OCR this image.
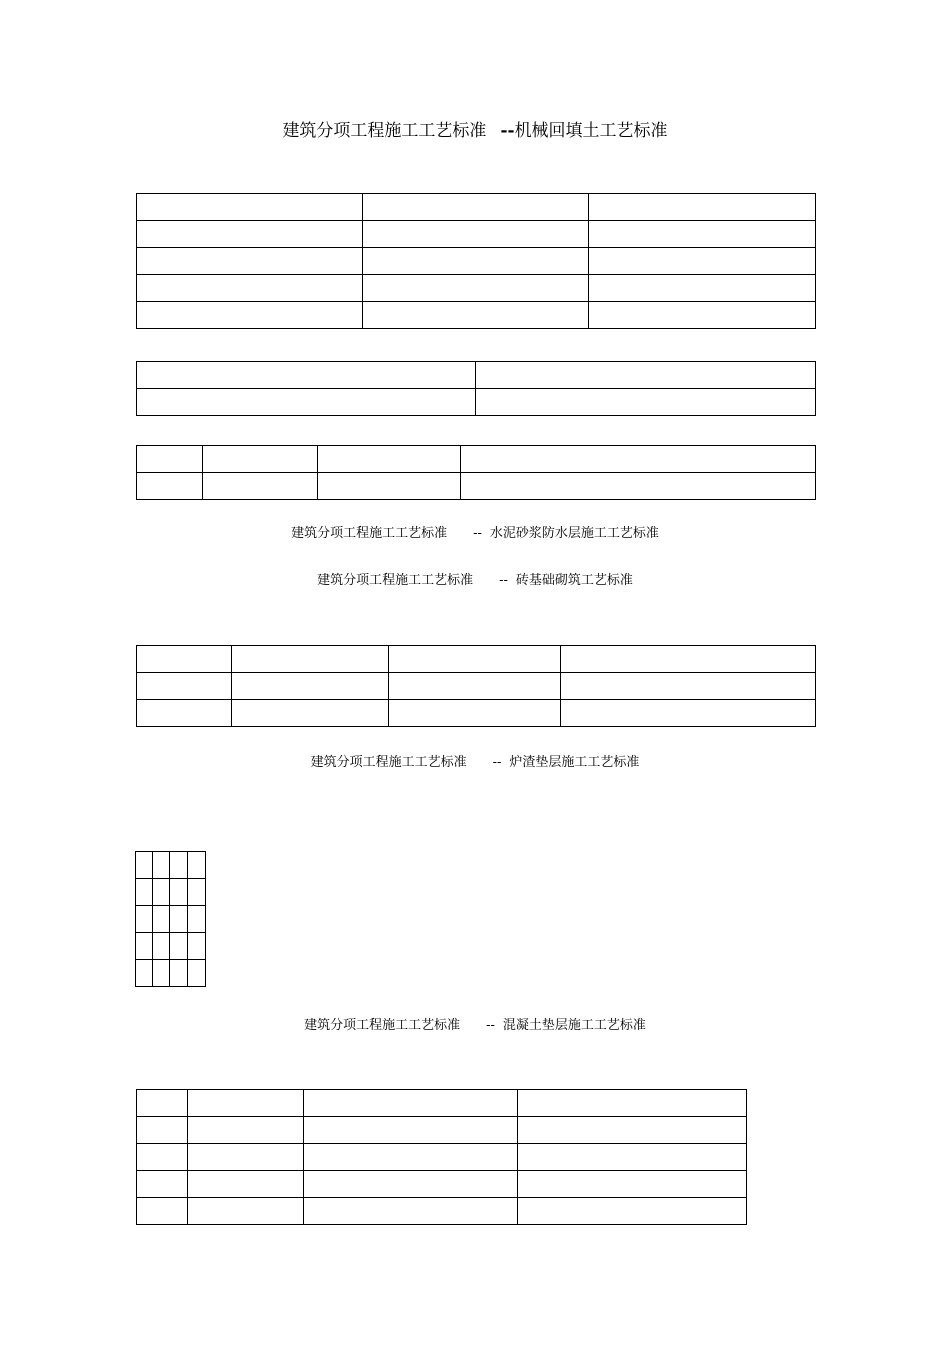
建筑分项工程施工工艺标准 --机械回填土工艺标准

建筑分项工程施工工艺标准 -- 水泥砂浆防水层施工工艺标准
建筑分项工程施工工艺标准 -- 砖基础砌筑工艺标准

建筑分项工程施工工艺标准 -- 炉渣垫层施工工艺标准

建筑分项工程施工工艺标准 -- 混凝土垫层施工工艺标准
